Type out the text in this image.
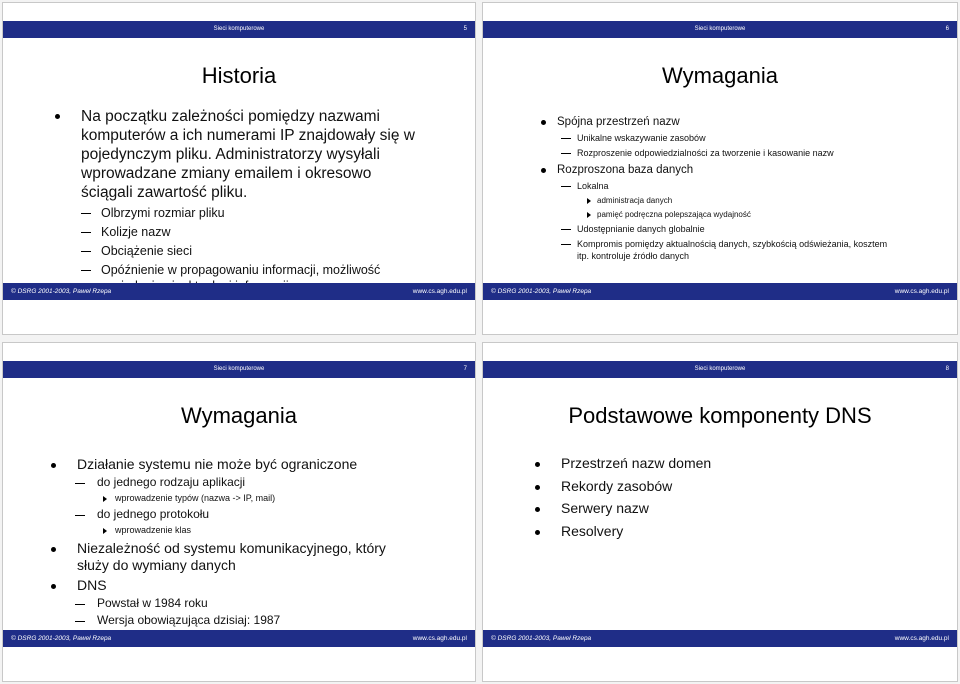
Sieci komputerowe	5
Historia
Na początku zależności pomiędzy nazwami komputerów a ich numerami IP znajdowały się w pojedynczym pliku. Administratorzy wysyłali wprowadzane zmiany emailem i okresowo ściągali zawartość pliku.
Olbrzymi rozmiar pliku
Kolizje nazw
Obciążenie sieci
Opóźnienie w propagowaniu informacji, możliwość
© DSRG 2001-2003, Paweł Rzepa	www.cs.agh.edu.pl
Sieci komputerowe	6
Wymagania
Spójna przestrzeń nazw
Unikalne wskazywanie zasobów
Rozproszenie odpowiedzialności za tworzenie i kasowanie nazw
Rozproszona baza danych
Lokalna
administracja danych
pamięć podręczna polepszająca wydajność
Udostępnianie danych globalnie
Kompromis pomiędzy aktualnością danych, szybkością odświeżania, kosztem itp. kontroluje źródło danych
© DSRG 2001-2003, Paweł Rzepa	www.cs.agh.edu.pl
Sieci komputerowe	7
Wymagania
Działanie systemu nie może być ograniczone
do jednego rodzaju aplikacji
wprowadzenie typów (nazwa -> IP, mail)
do jednego protokołu
wprowadzenie klas
Niezależność od systemu komunikacyjnego, który służy do wymiany danych
DNS
Powstał w 1984 roku
Wersja obowiązująca dzisiaj: 1987
© DSRG 2001-2003, Paweł Rzepa	www.cs.agh.edu.pl
Sieci komputerowe	8
Podstawowe komponenty DNS
Przestrzeń nazw domen
Rekordy zasobów
Serwery nazw
Resolvery
© DSRG 2001-2003, Paweł Rzepa	www.cs.agh.edu.pl
